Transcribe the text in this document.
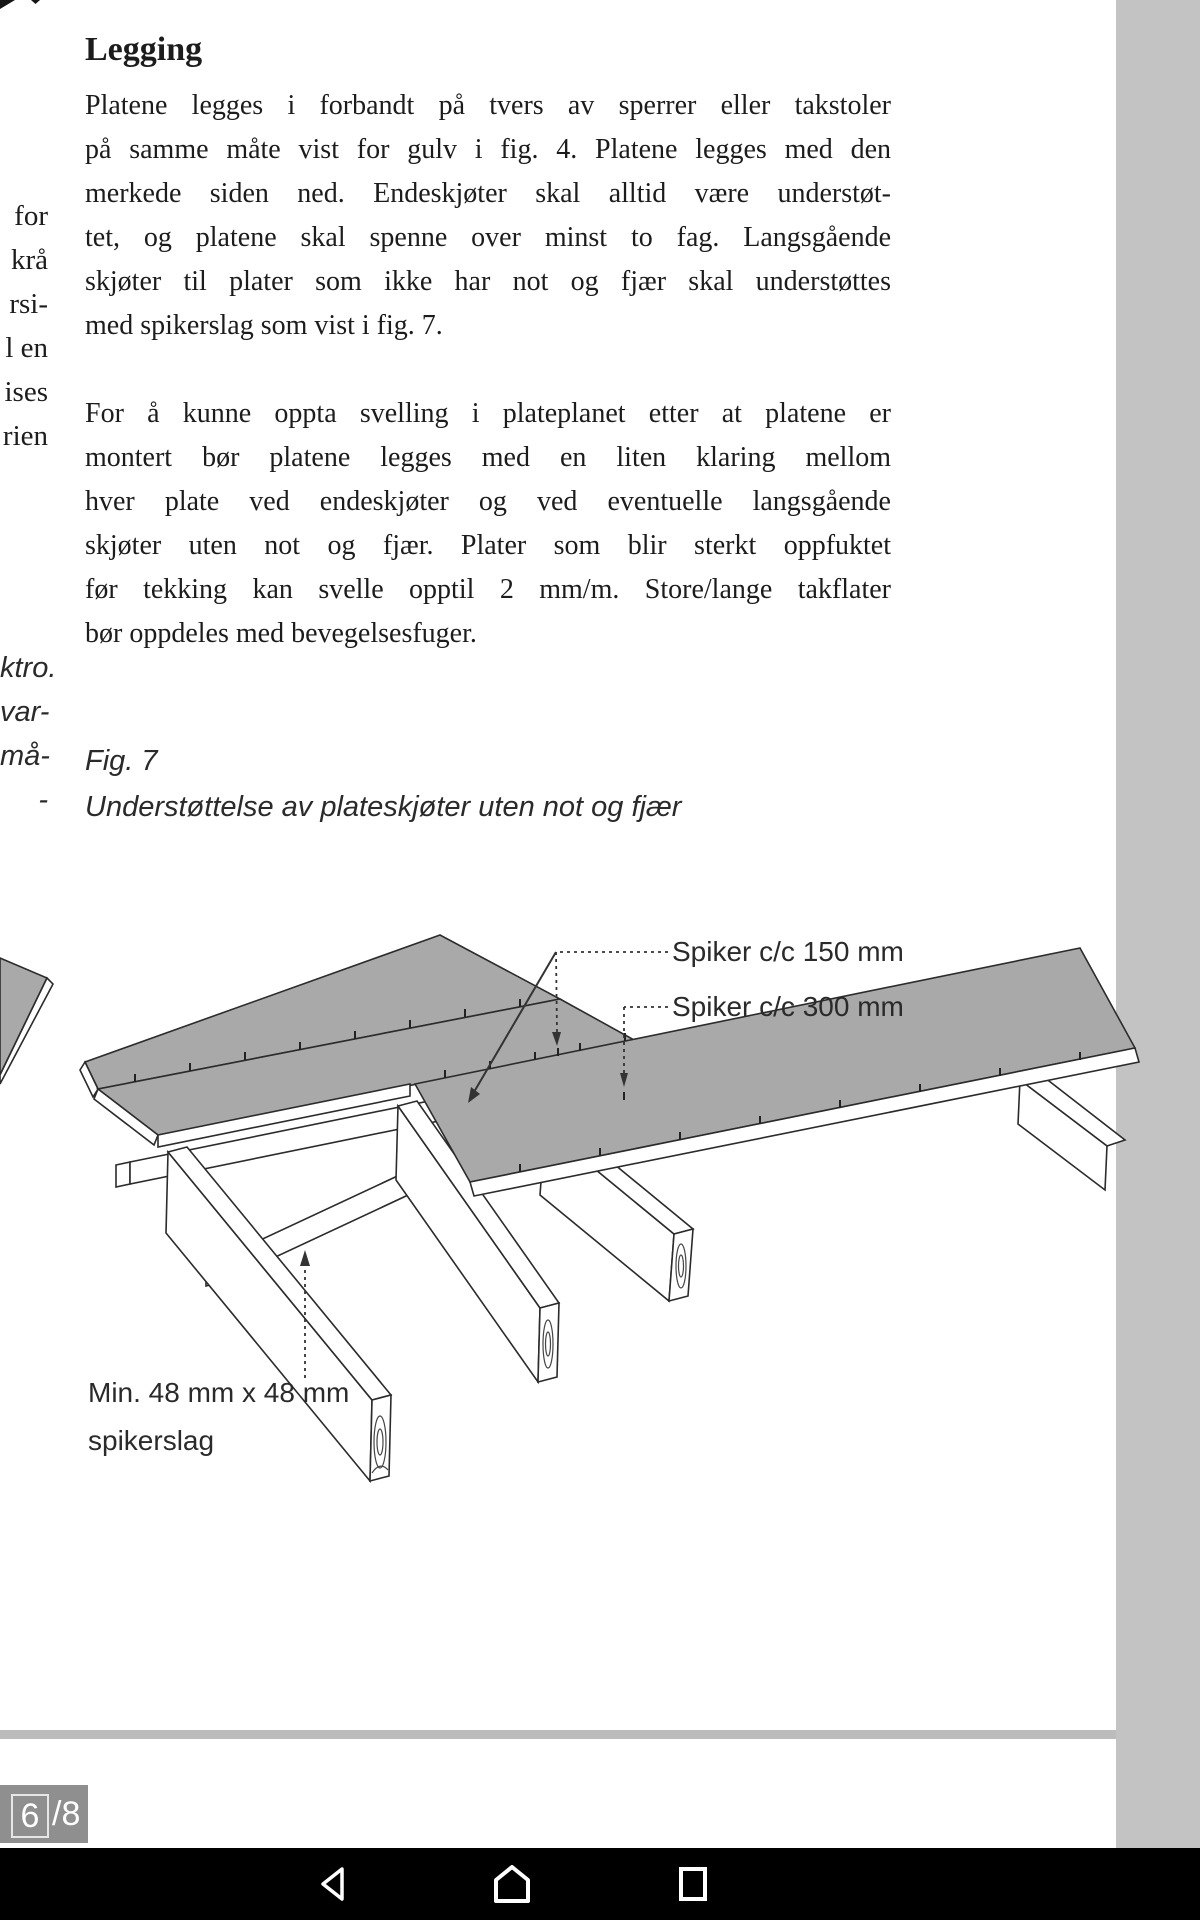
for
krå
rsi-
l en
ises
rien
ktro.
var-
må-
-
Legging
Platene legges i forbandt på tvers av sperrer eller takstoler
på samme måte vist for gulv i fig. 4. Platene legges med den
merkede siden ned. Endeskjøter skal alltid være understøt-
tet, og platene skal spenne over minst to fag. Langsgående
skjøter til plater som ikke har not og fjær skal understøttes
med spikerslag som vist i fig. 7.
For å kunne oppta svelling i plateplanet etter at platene er
montert bør platene legges med en liten klaring mellom
hver plate ved endeskjøter og ved eventuelle langsgående
skjøter uten not og fjær. Plater som blir sterkt oppfuktet
før tekking kan svelle opptil 2 mm/m. Store/lange takflater
bør oppdeles med bevegelsesfuger.
Fig. 7
Understøttelse av plateskjøter uten not og fjær
Spiker c/c 150 mm
Spiker c/c 300 mm
Min. 48 mm x 48 mm
spikerslag
6 /8
